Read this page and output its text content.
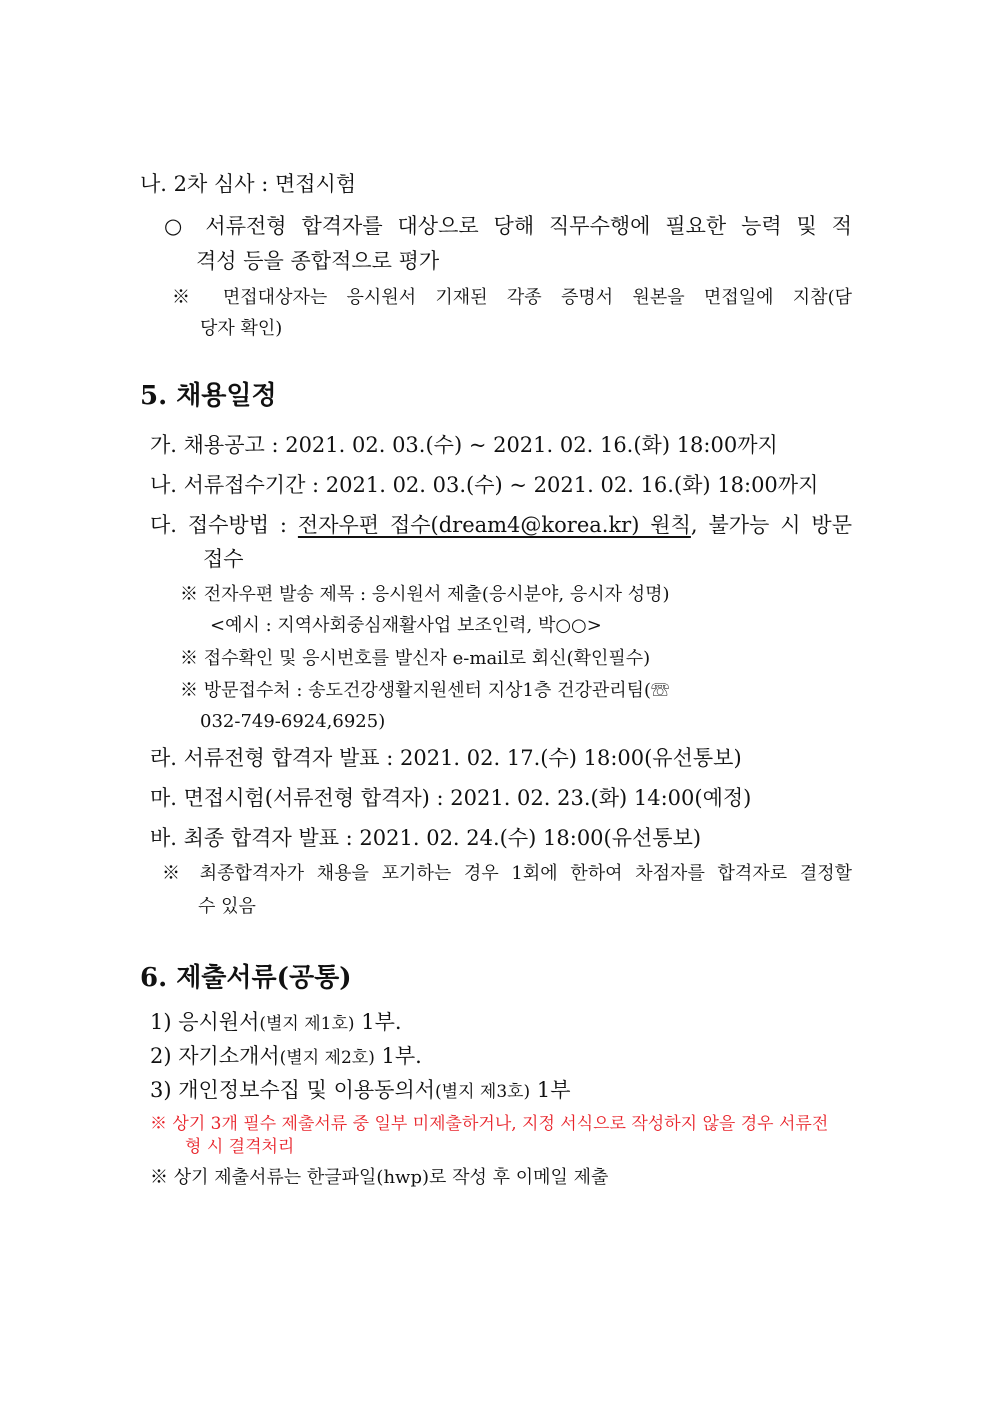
나. 2차 심사 : 면접시험
○ 서류전형 합격자를 대상으로 당해 직무수행에 필요한 능력 및 적
격성 등을 종합적으로 평가
※ 면접대상자는 응시원서 기재된 각종 증명서 원본을 면접일에 지참(담
당자 확인)
5. 채용일정
가. 채용공고 : 2021. 02. 03.(수) ~ 2021. 02. 16.(화) 18:00까지
나. 서류접수기간 : 2021. 02. 03.(수) ~ 2021. 02. 16.(화) 18:00까지
다. 접수방법 : 전자우편 접수(dream4@korea.kr) 원칙, 불가능 시 방문
접수
※ 전자우편 발송 제목 : 응시원서 제출(응시분야, 응시자 성명)
<예시 : 지역사회중심재활사업 보조인력, 박○○>
※ 접수확인 및 응시번호를 발신자 e-mail로 회신(확인필수)
※ 방문접수처 : 송도건강생활지원센터 지상1층 건강관리팀(☏
032-749-6924,6925)
라. 서류전형 합격자 발표 : 2021. 02. 17.(수) 18:00(유선통보)
마. 면접시험(서류전형 합격자) : 2021. 02. 23.(화) 14:00(예정)
바. 최종 합격자 발표 : 2021. 02. 24.(수) 18:00(유선통보)
※ 최종합격자가 채용을 포기하는 경우 1회에 한하여 차점자를 합격자로 결정할
수 있음
6. 제출서류(공통)
1) 응시원서(별지 제1호) 1부.
2) 자기소개서(별지 제2호) 1부.
3) 개인정보수집 및 이용동의서(별지 제3호) 1부
※ 상기 3개 필수 제출서류 중 일부 미제출하거나, 지정 서식으로 작성하지 않을 경우 서류전
형 시 결격처리
※ 상기 제출서류는 한글파일(hwp)로 작성 후 이메일 제출
